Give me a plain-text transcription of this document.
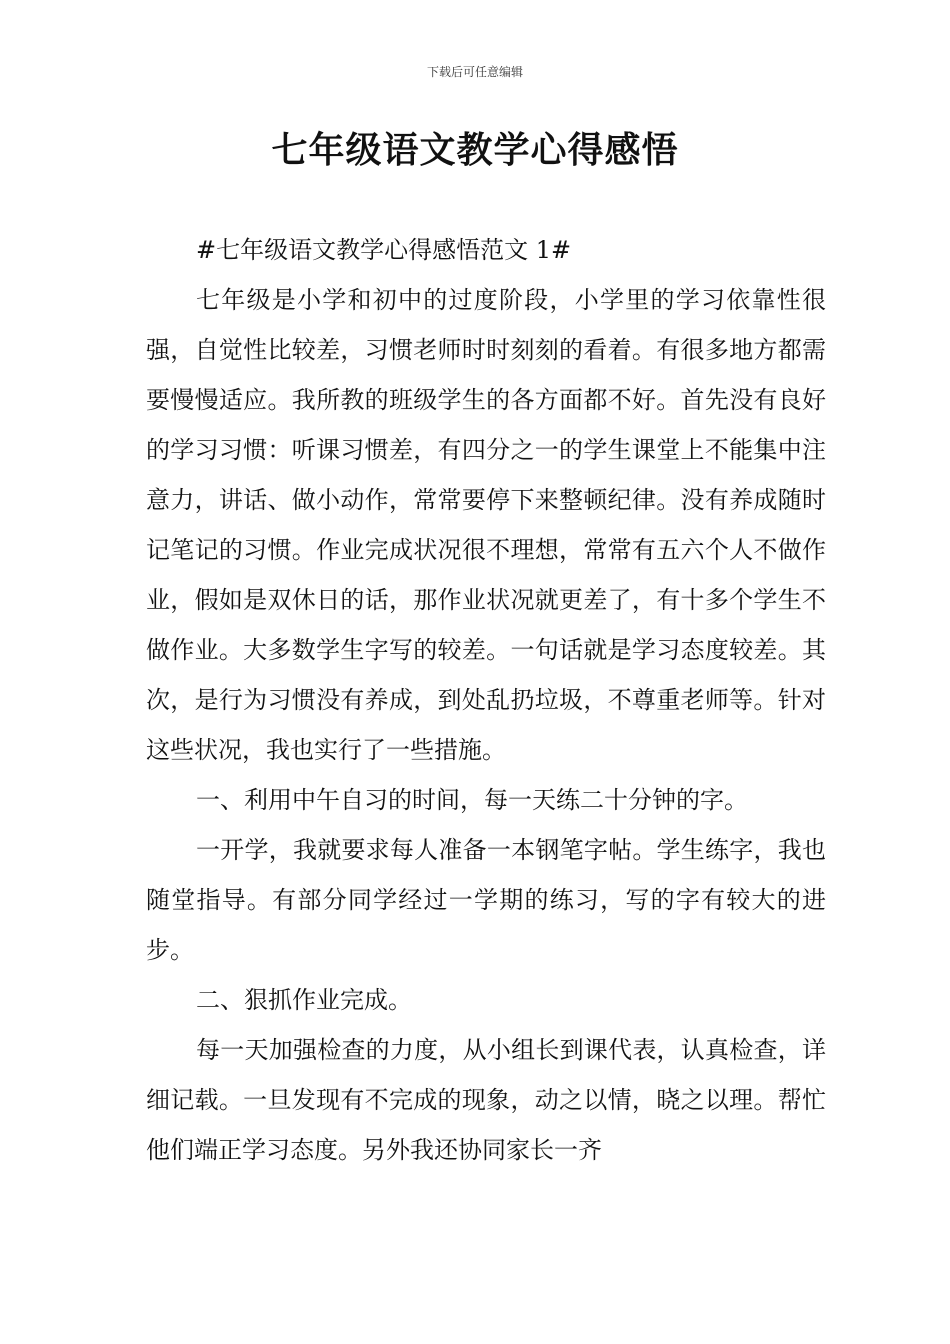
下载后可任意编辑
七年级语文教学心得感悟

#七年级语文教学心得感悟范文 1#

七年级是小学和初中的过度阶段，小学里的学习依靠性很强，自觉性比较差，习惯老师时时刻刻的看着。有很多地方都需要慢慢适应。我所教的班级学生的各方面都不好。首先没有良好的学习习惯：听课习惯差，有四分之一的学生课堂上不能集中注意力，讲话、做小动作，常常要停下来整顿纪律。没有养成随时记笔记的习惯。作业完成状况很不理想，常常有五六个人不做作业，假如是双休日的话，那作业状况就更差了，有十多个学生不做作业。大多数学生字写的较差。一句话就是学习态度较差。其次，是行为习惯没有养成，到处乱扔垃圾，不尊重老师等。针对这些状况，我也实行了一些措施。

一、利用中午自习的时间，每一天练二十分钟的字。

一开学，我就要求每人准备一本钢笔字帖。学生练字，我也随堂指导。有部分同学经过一学期的练习，写的字有较大的进步。

二、狠抓作业完成。

每一天加强检查的力度，从小组长到课代表，认真检查，详细记载。一旦发现有不完成的现象，动之以情，晓之以理。帮忙他们端正学习态度。另外我还协同家长一齐
